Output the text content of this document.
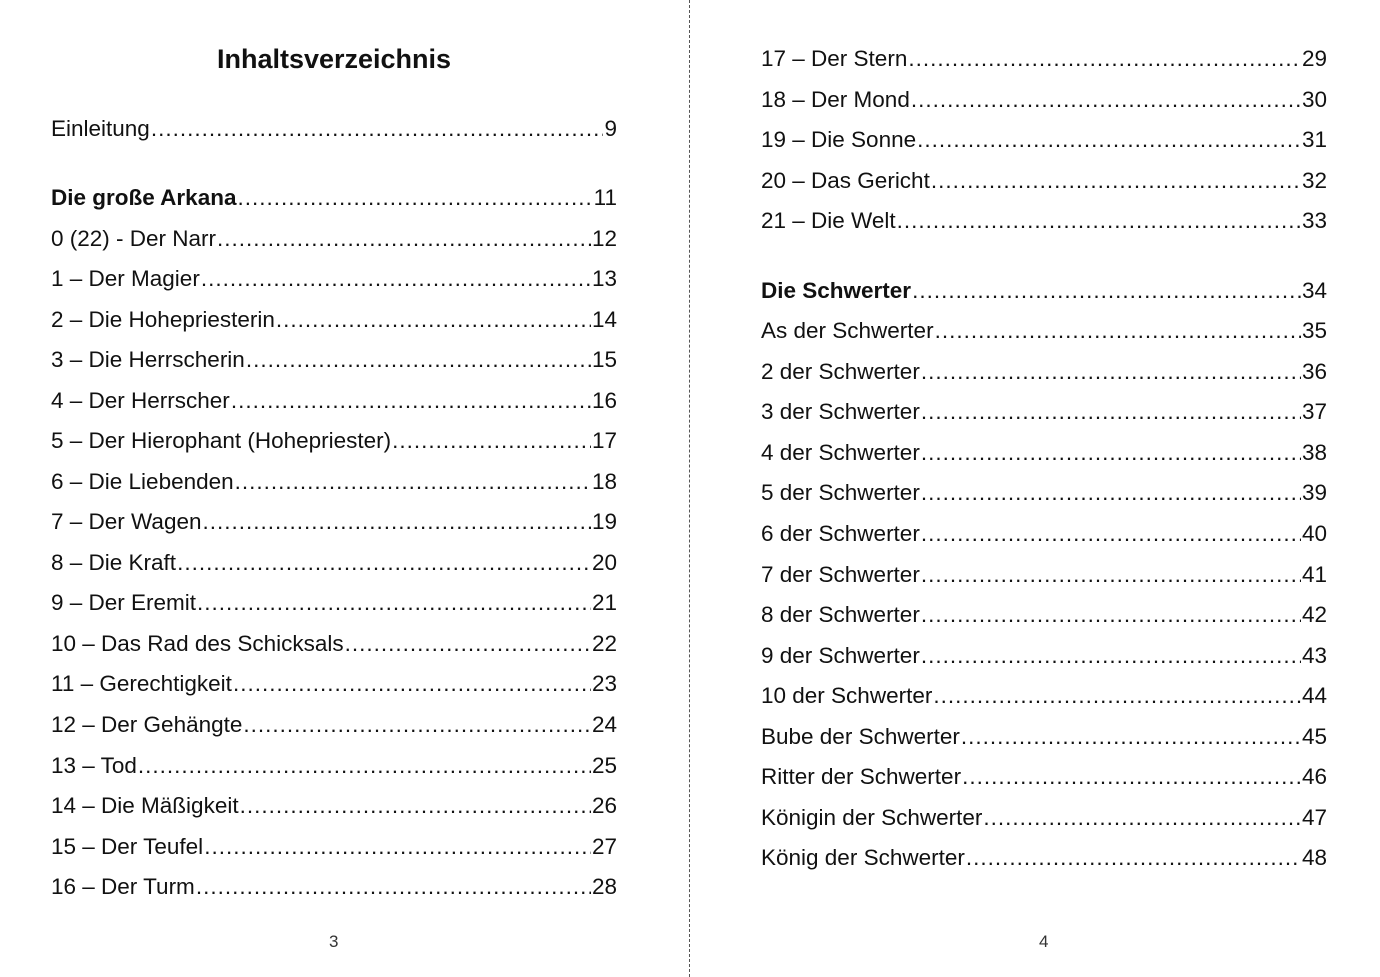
Inhaltsverzeichnis
Einleitung .....	9
Die große Arkana .....	11
0 (22) - Der Narr .....	12
1 – Der Magier .....	13
2 – Die Hohepriesterin .....	14
3 – Die Herrscherin .....	15
4 – Der Herrscher .....	16
5 – Der Hierophant (Hohepriester) .....	17
6 – Die Liebenden .....	18
7 – Der Wagen .....	19
8 – Die Kraft .....	20
9 – Der Eremit .....	21
10 – Das Rad des Schicksals .....	22
11 – Gerechtigkeit .....	23
12 – Der Gehängte .....	24
13 – Tod .....	25
14 – Die Mäßigkeit .....	26
15 – Der Teufel .....	27
16 – Der Turm .....	28
3
17 – Der Stern .....	29
18 – Der Mond .....	30
19 – Die Sonne .....	31
20 – Das Gericht .....	32
21 – Die Welt .....	33
Die Schwerter .....	34
As der Schwerter .....	35
2 der Schwerter .....	36
3 der Schwerter .....	37
4 der Schwerter .....	38
5 der Schwerter .....	39
6 der Schwerter .....	40
7 der Schwerter .....	41
8 der Schwerter .....	42
9 der Schwerter .....	43
10 der Schwerter .....	44
Bube der Schwerter .....	45
Ritter der Schwerter .....	46
Königin der Schwerter .....	47
König der Schwerter .....	48
4
